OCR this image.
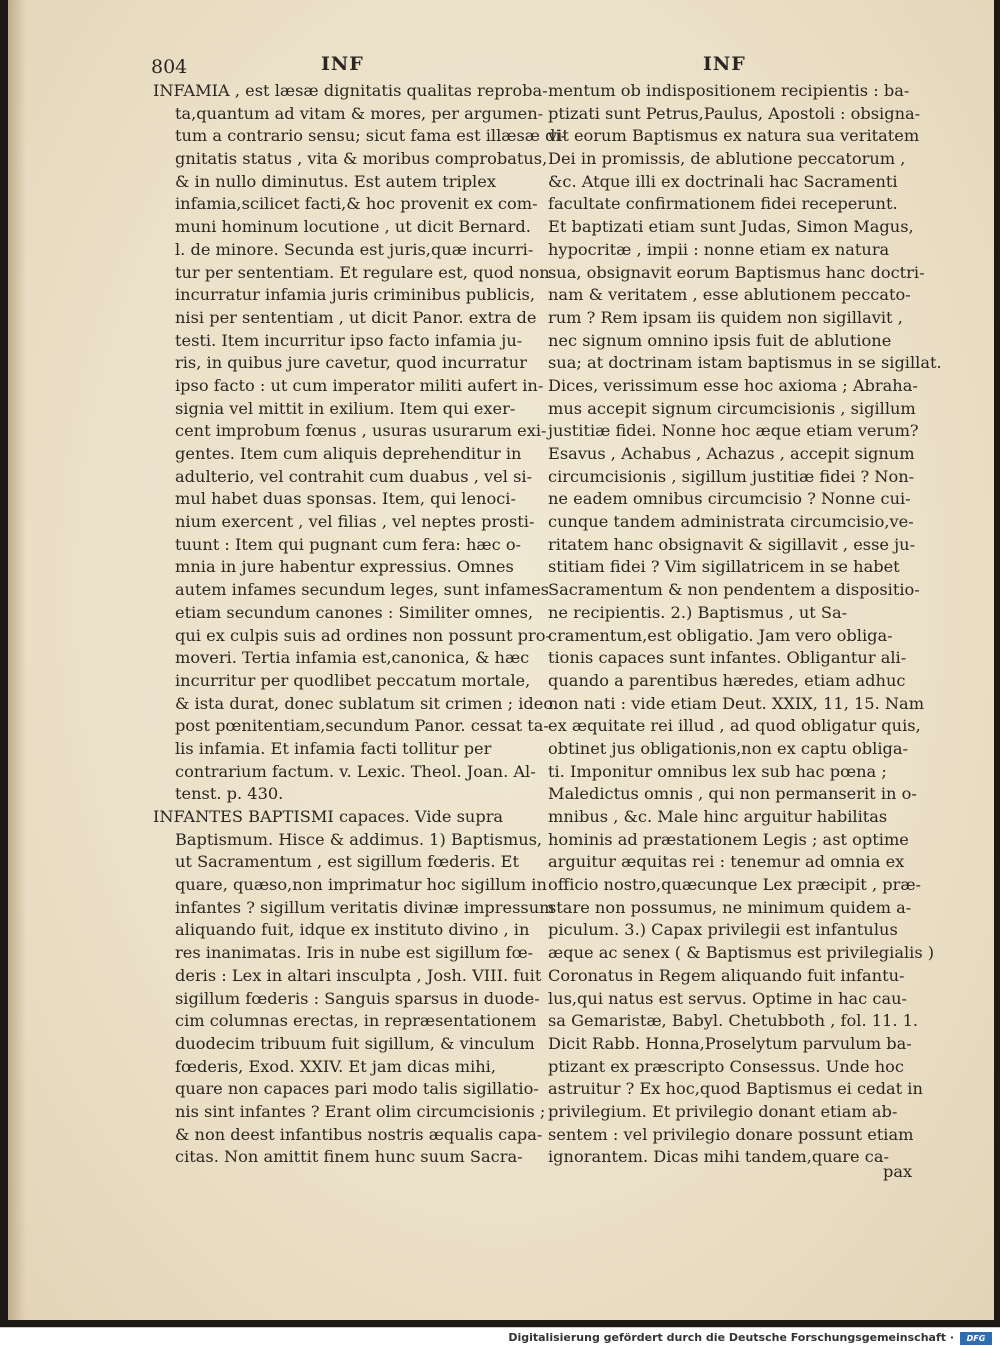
804	INF	INF
INFAMIA , est læsæ dignitatis qualitas reproba-
ta,quantum ad vitam & mores, per argumen-
tum a contrario sensu; sicut fama est illæsæ di-
gnitatis status , vita & moribus comprobatus,
& in nullo diminutus. Est autem triplex
infamia,scilicet facti,& hoc provenit ex com-
muni hominum locutione , ut dicit Bernard.
l. de minore. Secunda est juris,quæ incurri-
tur per sententiam. Et regulare est, quod non
incurratur infamia juris criminibus publicis,
nisi per sententiam , ut dicit Panor. extra de
testi. Item incurritur ipso facto infamia ju-
ris, in quibus jure cavetur, quod incurratur
ipso facto : ut cum imperator militi aufert in-
signia vel mittit in exilium. Item qui exer-
cent improbum fœnus , usuras usurarum exi-
gentes. Item cum aliquis deprehenditur in
adulterio, vel contrahit cum duabus , vel si-
mul habet duas sponsas. Item, qui lenoci-
nium exercent , vel filias , vel neptes prosti-
tuunt : Item qui pugnant cum fera: hæc o-
mnia in jure habentur expressius. Omnes
autem infames secundum leges, sunt infames
etiam secundum canones : Similiter omnes,
qui ex culpis suis ad ordines non possunt pro-
moveri. Tertia infamia est,canonica, & hæc
incurritur per quodlibet peccatum mortale,
& ista durat, donec sublatum sit crimen ; ideo
post pœnitentiam,secundum Panor. cessat ta-
lis infamia. Et infamia facti tollitur per
contrarium factum. v. Lexic. Theol. Joan. Al-
tenst. p. 430.
INFANTES BAPTISMI capaces. Vide supra
Baptismum. Hisce & addimus. 1) Baptismus,
ut Sacramentum , est sigillum fœderis. Et
quare, quæso,non imprimatur hoc sigillum in
infantes ? sigillum veritatis divinæ impressum
aliquando fuit, idque ex instituto divino , in
res inanimatas. Iris in nube est sigillum fœ-
deris : Lex in altari insculpta , Josh. VIII. fuit
sigillum fœderis : Sanguis sparsus in duode-
cim columnas erectas, in repræsentationem
duodecim tribuum fuit sigillum, & vinculum
fœderis, Exod. XXIV. Et jam dicas mihi,
quare non capaces pari modo talis sigillatio-
nis sint infantes ? Erant olim circumcisionis ;
& non deest infantibus nostris æqualis capa-
citas. Non amittit finem hunc suum Sacra-
mentum ob indispositionem recipientis : ba-
ptizati sunt Petrus,Paulus, Apostoli : obsigna-
vit eorum Baptismus ex natura sua veritatem
Dei in promissis, de ablutione peccatorum ,
&c. Atque illi ex doctrinali hac Sacramenti
facultate confirmationem fidei receperunt.
Et baptizati etiam sunt Judas, Simon Magus,
hypocritæ , impii : nonne etiam ex natura
sua, obsignavit eorum Baptismus hanc doctri-
nam & veritatem , esse ablutionem peccato-
rum ? Rem ipsam iis quidem non sigillavit ,
nec signum omnino ipsis fuit de ablutione
sua; at doctrinam istam baptismus in se sigillat.
Dices, verissimum esse hoc axioma ; Abraha-
mus accepit signum circumcisionis , sigillum
justitiæ fidei. Nonne hoc æque etiam verum?
Esavus , Achabus , Achazus , accepit signum
circumcisionis , sigillum justitiæ fidei ? Non-
ne eadem omnibus circumcisio ? Nonne cui-
cunque tandem administrata circumcisio,ve-
ritatem hanc obsignavit & sigillavit , esse ju-
stitiam fidei ? Vim sigillatricem in se habet
Sacramentum & non pendentem a dispositio-
ne recipientis. 2.) Baptismus , ut Sa-
cramentum,est obligatio. Jam vero obliga-
tionis capaces sunt infantes. Obligantur ali-
quando a parentibus hæredes, etiam adhuc
non nati : vide etiam Deut. XXIX, 11, 15. Nam
ex æquitate rei illud , ad quod obligatur quis,
obtinet jus obligationis,non ex captu obliga-
ti. Imponitur omnibus lex sub hac pœna ;
Maledictus omnis , qui non permanserit in o-
mnibus , &c. Male hinc arguitur habilitas
hominis ad præstationem Legis ; ast optime
arguitur æquitas rei : tenemur ad omnia ex
officio nostro,quæcunque Lex præcipit , præ-
stare non possumus, ne minimum quidem a-
piculum. 3.) Capax privilegii est infantulus
æque ac senex ( & Baptismus est privilegialis )
Coronatus in Regem aliquando fuit infantu-
lus,qui natus est servus. Optime in hac cau-
sa Gemaristæ, Babyl. Chetubboth , fol. 11. 1.
Dicit Rabb. Honna,Proselytum parvulum ba-
ptizant ex præscripto Consessus. Unde hoc
astruitur ? Ex hoc,quod Baptismus ei cedat in
privilegium. Et privilegio donant etiam ab-
sentem : vel privilegio donare possunt etiam
ignorantem. Dicas mihi tandem,quare ca-
pax
Digitalisierung gefördert durch die Deutsche Forschungsgemeinschaft ·	DFG
